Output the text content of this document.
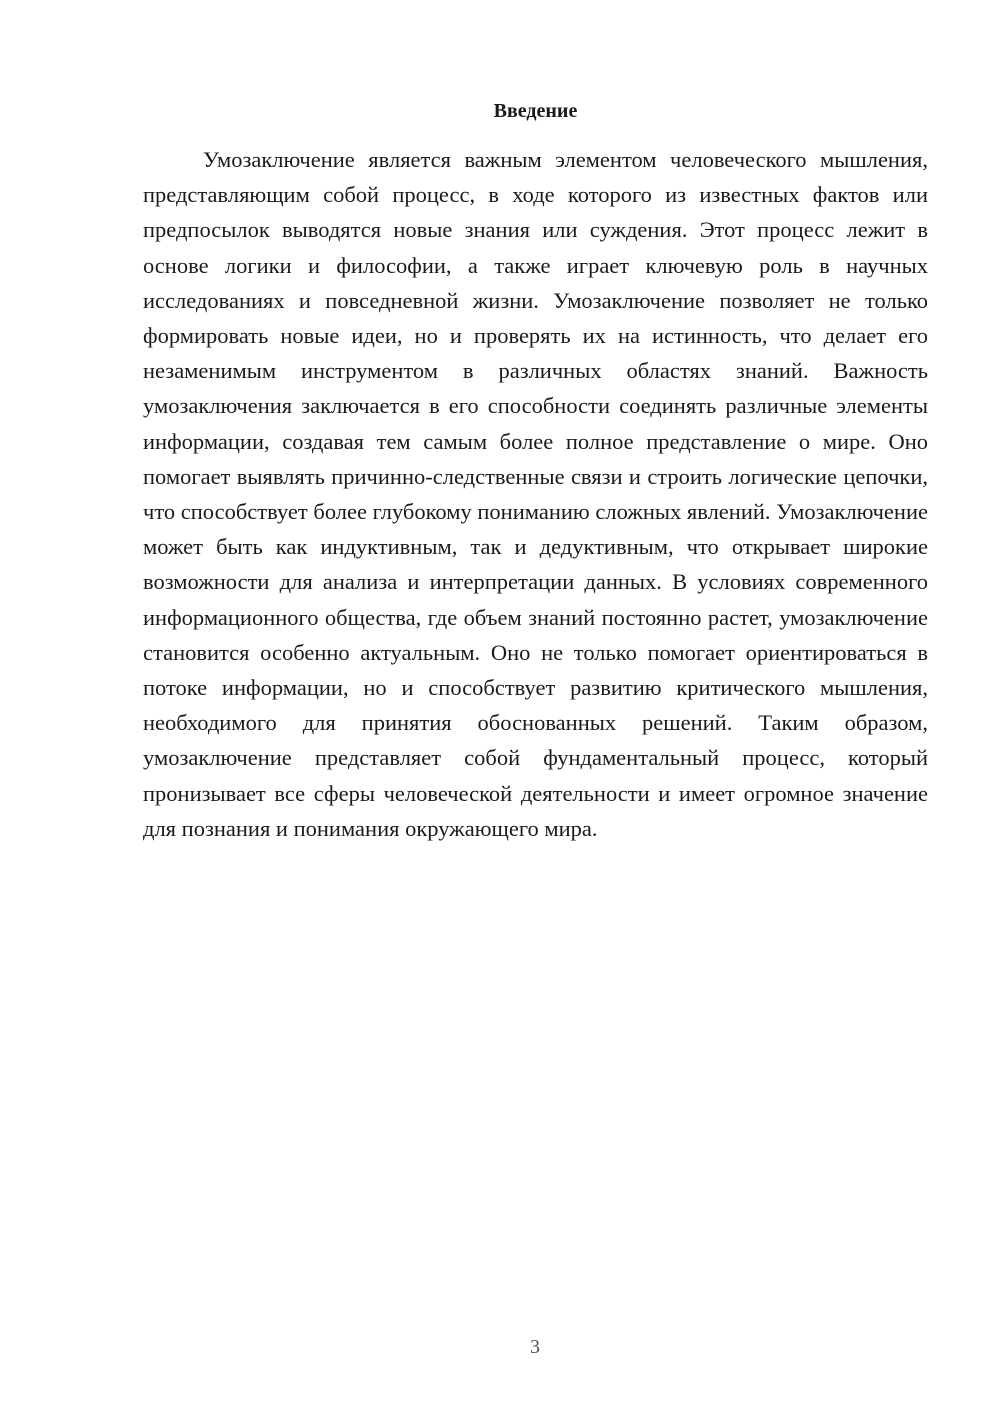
Введение

Умозаключение является важным элементом человеческого мышления, представляющим собой процесс, в ходе которого из известных фактов или предпосылок выводятся новые знания или суждения. Этот процесс лежит в основе логики и философии, а также играет ключевую роль в научных исследованиях и повседневной жизни. Умозаключение позволяет не только формировать новые идеи, но и проверять их на истинность, что делает его незаменимым инструментом в различных областях знаний. Важность умозаключения заключается в его способности соединять различные элементы информации, создавая тем самым более полное представление о мире. Оно помогает выявлять причинно-следственные связи и строить логические цепочки, что способствует более глубокому пониманию сложных явлений. Умозаключение может быть как индуктивным, так и дедуктивным, что открывает широкие возможности для анализа и интерпретации данных. В условиях современного информационного общества, где объем знаний постоянно растет, умозаключение становится особенно актуальным. Оно не только помогает ориентироваться в потоке информации, но и способствует развитию критического мышления, необходимого для принятия обоснованных решений. Таким образом, умозаключение представляет собой фундаментальный процесс, который пронизывает все сферы человеческой деятельности и имеет огромное значение для познания и понимания окружающего мира.

3
